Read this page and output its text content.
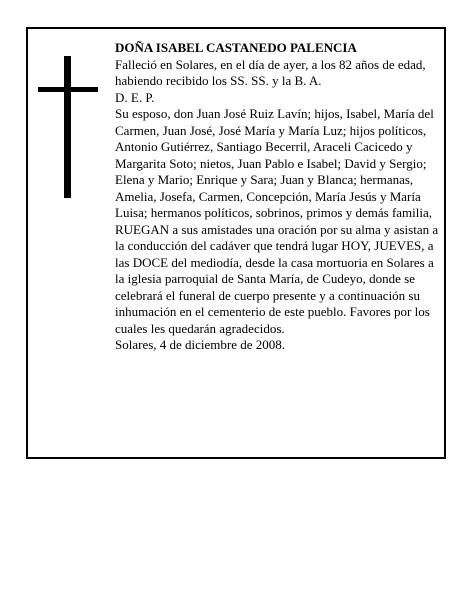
DOÑA ISABEL CASTANEDO PALENCIA

Falleció en Solares, en el día de ayer, a los 82 años de edad,

habiendo recibido los SS. SS. y la B. A.

D. E. P.

Su esposo, don Juan José Ruiz Lavín; hijos, Isabel, María del Carmen, Juan José, José María y María Luz; hijos políticos, Antonio Gutiérrez, Santiago Becerril, Araceli Cacicedo y Margarita Soto; nietos, Juan Pablo e Isabel; David y Sergio; Elena y Mario; Enrique y Sara; Juan y Blanca; hermanas, Amelia, Josefa, Carmen, Concepción, María Jesús y María Luisa; hermanos políticos, sobrinos, primos y demás familia,

RUEGAN a sus amistades una oración por su alma y asistan a la conducción del cadáver que tendrá lugar HOY, JUEVES, a las DOCE del mediodía, desde la casa mortuoria en Solares a la iglesia parroquial de Santa María, de Cudeyo, donde se celebrará el funeral de cuerpo presente y a continuación su inhumación en el cementerio de este pueblo. Favores por los cuales les quedarán agradecidos.

Solares, 4 de diciembre de 2008.
